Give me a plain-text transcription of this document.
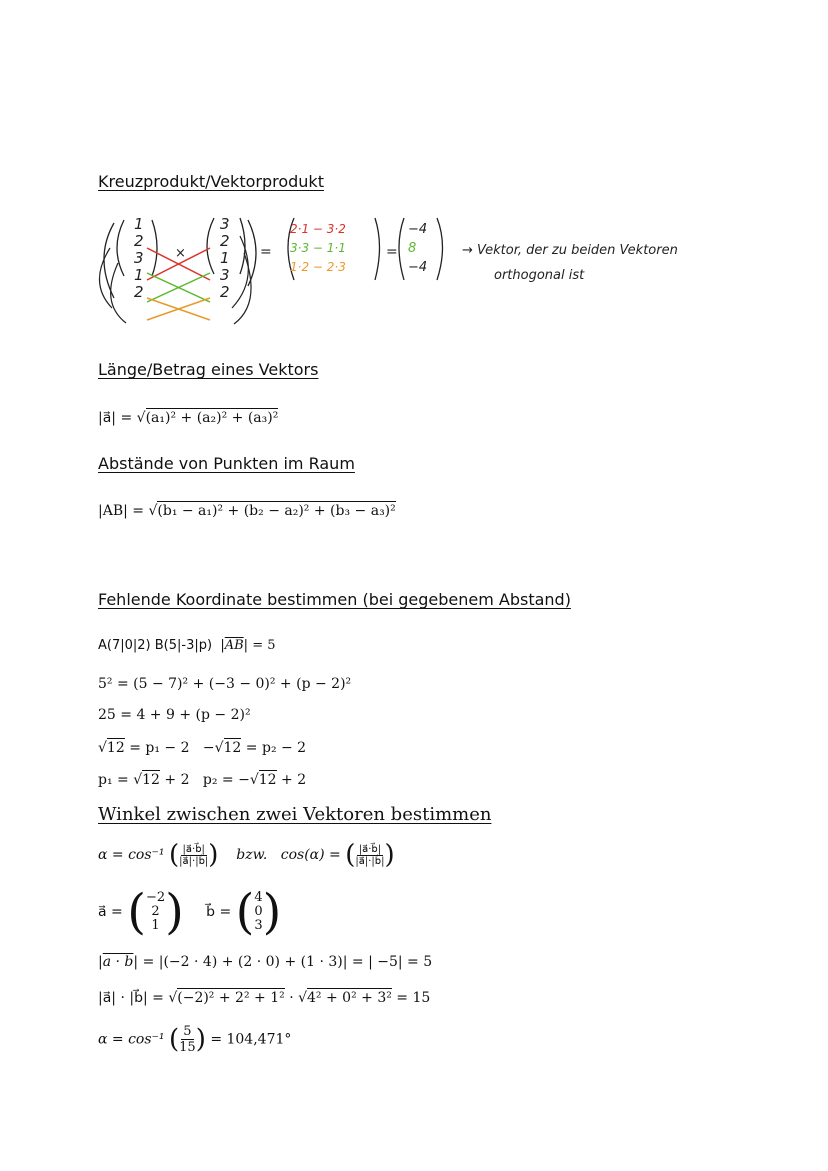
Kreuzprodukt/Vektorprodukt
1
2
3
1
2
×
3
2
1
3
2
=
2·1 − 3·2
3·3 − 1·1
1·2 − 2·3
=
−4
8
−4
→ Vektor, der zu beiden Vektoren
orthogonal ist
Länge/Betrag eines Vektors
|a⃗| = √(a₁)² + (a₂)² + (a₃)²
Abstände von Punkten im Raum
|AB| = √(b₁ − a₁)² + (b₂ − a₂)² + (b₃ − a₃)²
Fehlende Koordinate bestimmen (bei gegebenem Abstand)
A(7|0|2) B(5|-3|p)  $|\overline{AB}| = 5$
5² = (5 − 7)² + (−3 − 0)² + (p − 2)²
25 = 4 + 9 + (p − 2)²
√12 = p₁ − 2 −√12 = p₂ − 2
p₁ = √12 + 2 p₂ = −√12 + 2
Winkel zwischen zwei Vektoren bestimmen
α = cos⁻¹ ( $\frac{|a⃗\cdot b⃗|}{|a⃗|\cdot|b⃗|}$ ) bzw. cos(α) = ( $\frac{|a⃗\cdot b⃗|}{|a⃗|\cdot|b⃗|}$ )
a⃗ = ( −2
2
1 ) b⃗ = ( 4
0
3 )
|a · b| = |(−2 · 4) + (2 · 0) + (1 · 3)| = | −5| = 5
|a⃗| · |b⃗| = √(−2)² + 2² + 1² · √4² + 0² + 3² = 15
α = cos⁻¹ ( $\frac{5}{15}$ ) = 104,471°
